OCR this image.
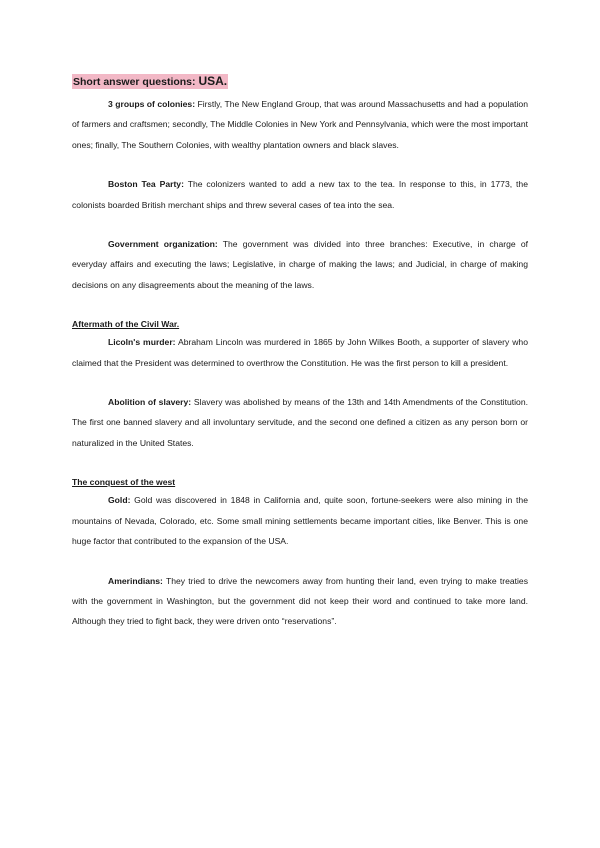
Short answer questions: USA.

3 groups of colonies: Firstly, The New England Group, that was around Massachusetts and had a population of farmers and craftsmen; secondly, The Middle Colonies in New York and Pennsylvania, which were the most important ones; finally, The Southern Colonies, with wealthy plantation owners and black slaves.

Boston Tea Party: The colonizers wanted to add a new tax to the tea. In response to this, in 1773, the colonists boarded British merchant ships and threw several cases of tea into the sea.

Government organization: The government was divided into three branches: Executive, in charge of everyday affairs and executing the laws; Legislative, in charge of making the laws; and Judicial, in charge of making decisions on any disagreements about the meaning of the laws.

Aftermath of the Civil War.

Licoln's murder: Abraham Lincoln was murdered in 1865 by John Wilkes Booth, a supporter of slavery who claimed that the President was determined to overthrow the Constitution. He was the first person to kill a president.

Abolition of slavery: Slavery was abolished by means of the 13th and 14th Amendments of the Constitution. The first one banned slavery and all involuntary servitude, and the second one defined a citizen as any person born or naturalized in the United States.

The conquest of the west

Gold: Gold was discovered in 1848 in California and, quite soon, fortune-seekers were also mining in the mountains of Nevada, Colorado, etc. Some small mining settlements became important cities, like Benver. This is one huge factor that contributed to the expansion of the USA.

Amerindians: They tried to drive the newcomers away from hunting their land, even trying to make treaties with the government in Washington, but the government did not keep their word and continued to take more land. Although they tried to fight back, they were driven onto “reservations”.
